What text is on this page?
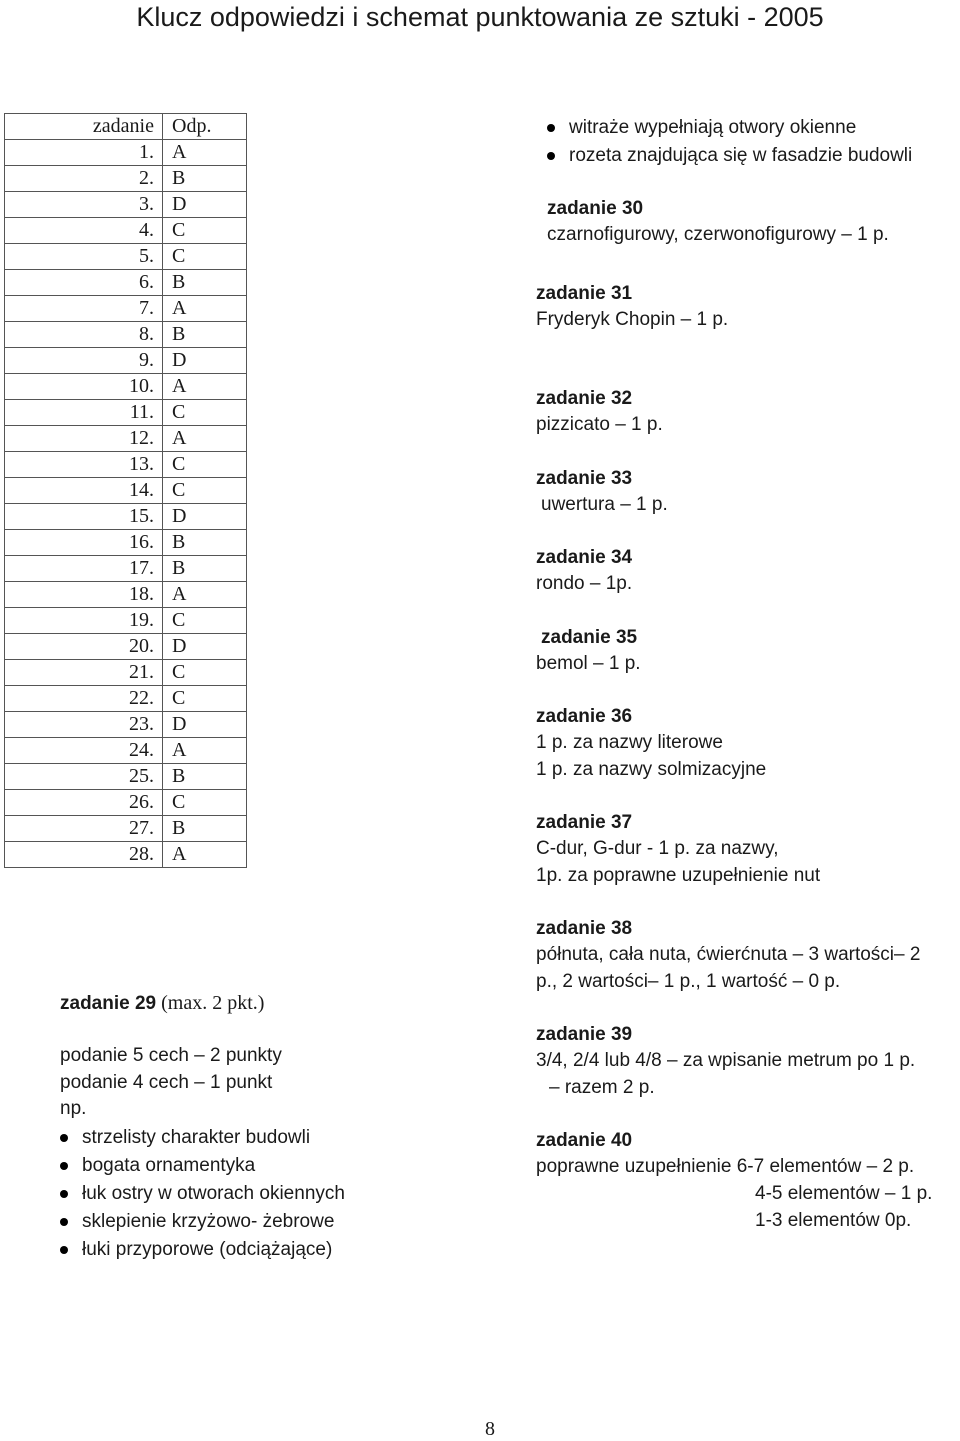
Klucz odpowiedzi i schemat punktowania ze sztuki - 2005
zadanie	Odp.
1.	A
2.	B
3.	D
4.	C
5.	C
6.	B
7.	A
8.	B
9.	D
10.	A
11.	C
12.	A
13.	C
14.	C
15.	D
16.	B
17.	B
18.	A
19.	C
20.	D
21.	C
22.	C
23.	D
24.	A
25.	B
26.	C
27.	B
28.	A
zadanie 29 (max. 2 pkt.)
podanie 5 cech – 2 punkty
podanie 4 cech – 1 punkt
np.
strzelisty charakter budowli
bogata ornamentyka
łuk ostry w otworach okiennych
sklepienie krzyżowo- żebrowe
łuki przyporowe (odciążające)
witraże wypełniają otwory okienne
rozeta znajdująca się w fasadzie budowli
zadanie 30
czarnofigurowy, czerwonofigurowy – 1 p.
zadanie 31
Fryderyk Chopin – 1 p.
zadanie 32
pizzicato – 1 p.
zadanie 33
uwertura – 1 p.
zadanie 34
rondo – 1p.
zadanie 35
bemol – 1 p.
zadanie 36
1 p. za nazwy literowe
1 p. za nazwy solmizacyjne
zadanie 37
C-dur, G-dur - 1 p. za nazwy,
1p. za poprawne uzupełnienie nut
zadanie 38
półnuta, cała nuta, ćwierćnuta – 3 wartości– 2
p., 2 wartości– 1 p., 1 wartość – 0 p.
zadanie 39
3/4, 2/4 lub 4/8 – za wpisanie metrum po 1 p.
– razem 2 p.
zadanie 40
poprawne uzupełnienie 6-7 elementów – 2 p.
4-5 elementów – 1 p.
1-3 elementów 0p.
8
